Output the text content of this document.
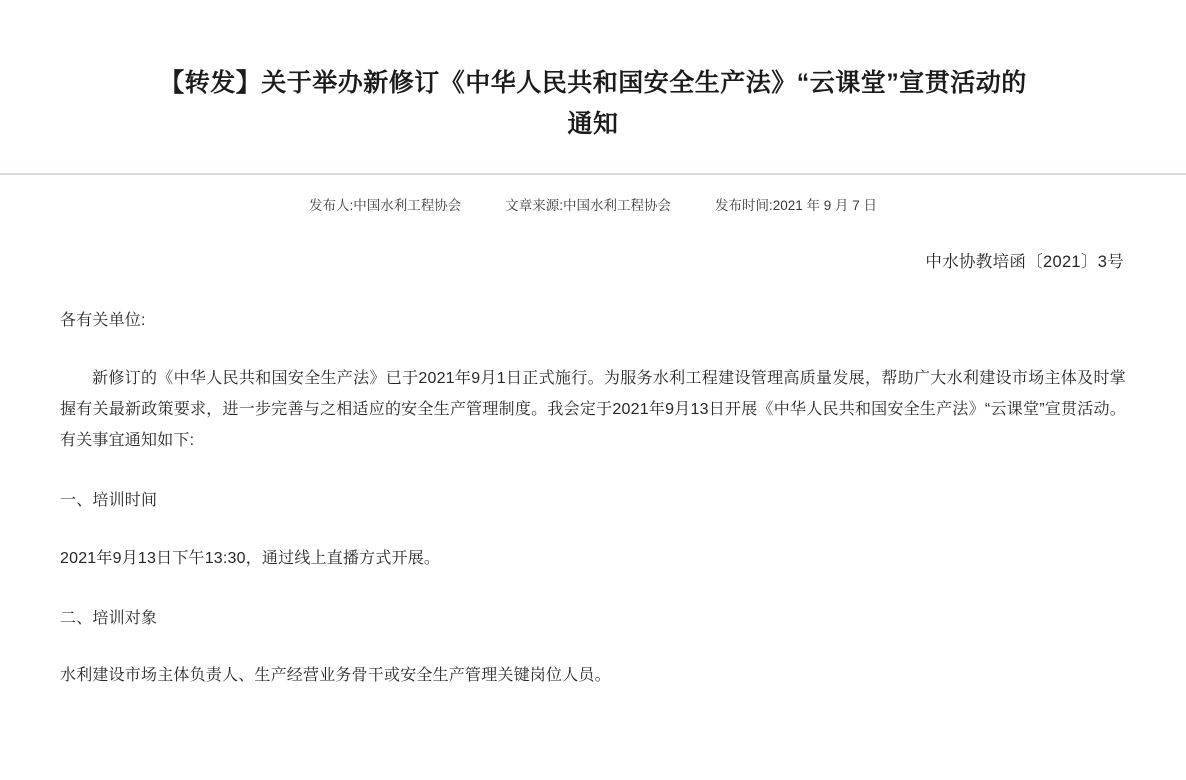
【转发】关于举办新修订《中华人民共和国安全生产法》“云课堂”宣贯活动的通知
发布人:中国水利工程协会	文章来源:中国水利工程协会	发布时间:2021 年 9 月 7 日
中水协教培函〔2021〕3号

各有关单位:

新修订的《中华人民共和国安全生产法》已于2021年9月1日正式施行。为服务水利工程建设管理高质量发展，帮助广大水利建设市场主体及时掌握有关最新政策要求，进一步完善与之相适应的安全生产管理制度。我会定于2021年9月13日开展《中华人民共和国安全生产法》“云课堂”宣贯活动。有关事宜通知如下:

一、培训时间

2021年9月13日下午13:30，通过线上直播方式开展。

二、培训对象

水利建设市场主体负责人、生产经营业务骨干或安全生产管理关键岗位人员。
